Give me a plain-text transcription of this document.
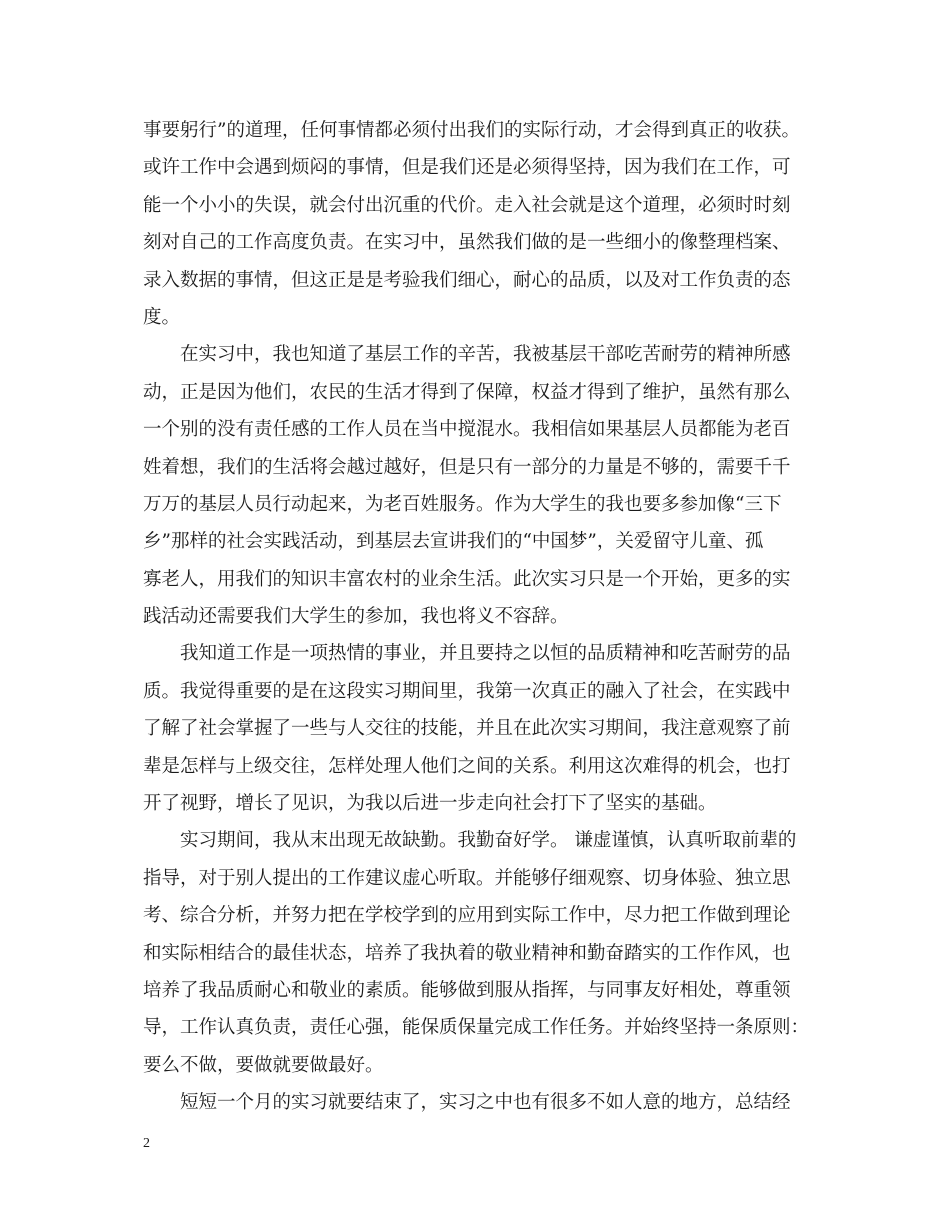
事要躬行”的道理，任何事情都必须付出我们的实际行动，才会得到真正的收获。
或许工作中会遇到烦闷的事情，但是我们还是必须得坚持，因为我们在工作，可
能一个小小的失误，就会付出沉重的代价。走入社会就是这个道理，必须时时刻
刻对自己的工作高度负责。在实习中，虽然我们做的是一些细小的像整理档案、
录入数据的事情，但这正是是考验我们细心，耐心的品质，以及对工作负责的态
度。
在实习中，我也知道了基层工作的辛苦，我被基层干部吃苦耐劳的精神所感
动，正是因为他们，农民的生活才得到了保障，权益才得到了维护，虽然有那么
一个别的没有责任感的工作人员在当中搅混水。我相信如果基层人员都能为老百
姓着想，我们的生活将会越过越好，但是只有一部分的力量是不够的，需要千千
万万的基层人员行动起来，为老百姓服务。作为大学生的我也要多参加像“三下
乡”那样的社会实践活动，到基层去宣讲我们的“中国梦”，关爱留守儿童、孤
寡老人，用我们的知识丰富农村的业余生活。此次实习只是一个开始，更多的实
践活动还需要我们大学生的参加，我也将义不容辞。
我知道工作是一项热情的事业，并且要持之以恒的品质精神和吃苦耐劳的品
质。我觉得重要的是在这段实习期间里，我第一次真正的融入了社会，在实践中
了解了社会掌握了一些与人交往的技能，并且在此次实习期间，我注意观察了前
辈是怎样与上级交往，怎样处理人他们之间的关系。利用这次难得的机会，也打
开了视野，增长了见识，为我以后进一步走向社会打下了坚实的基础。
实习期间，我从末出现无故缺勤。我勤奋好学。 谦虚谨慎，认真听取前辈的
指导，对于别人提出的工作建议虚心听取。并能够仔细观察、切身体验、独立思
考、综合分析，并努力把在学校学到的应用到实际工作中，尽力把工作做到理论
和实际相结合的最佳状态，培养了我执着的敬业精神和勤奋踏实的工作作风，也
培养了我品质耐心和敬业的素质。能够做到服从指挥，与同事友好相处，尊重领
导，工作认真负责，责任心强，能保质保量完成工作任务。并始终坚持一条原则：
要么不做，要做就要做最好。
短短一个月的实习就要结束了，实习之中也有很多不如人意的地方，总结经
2
